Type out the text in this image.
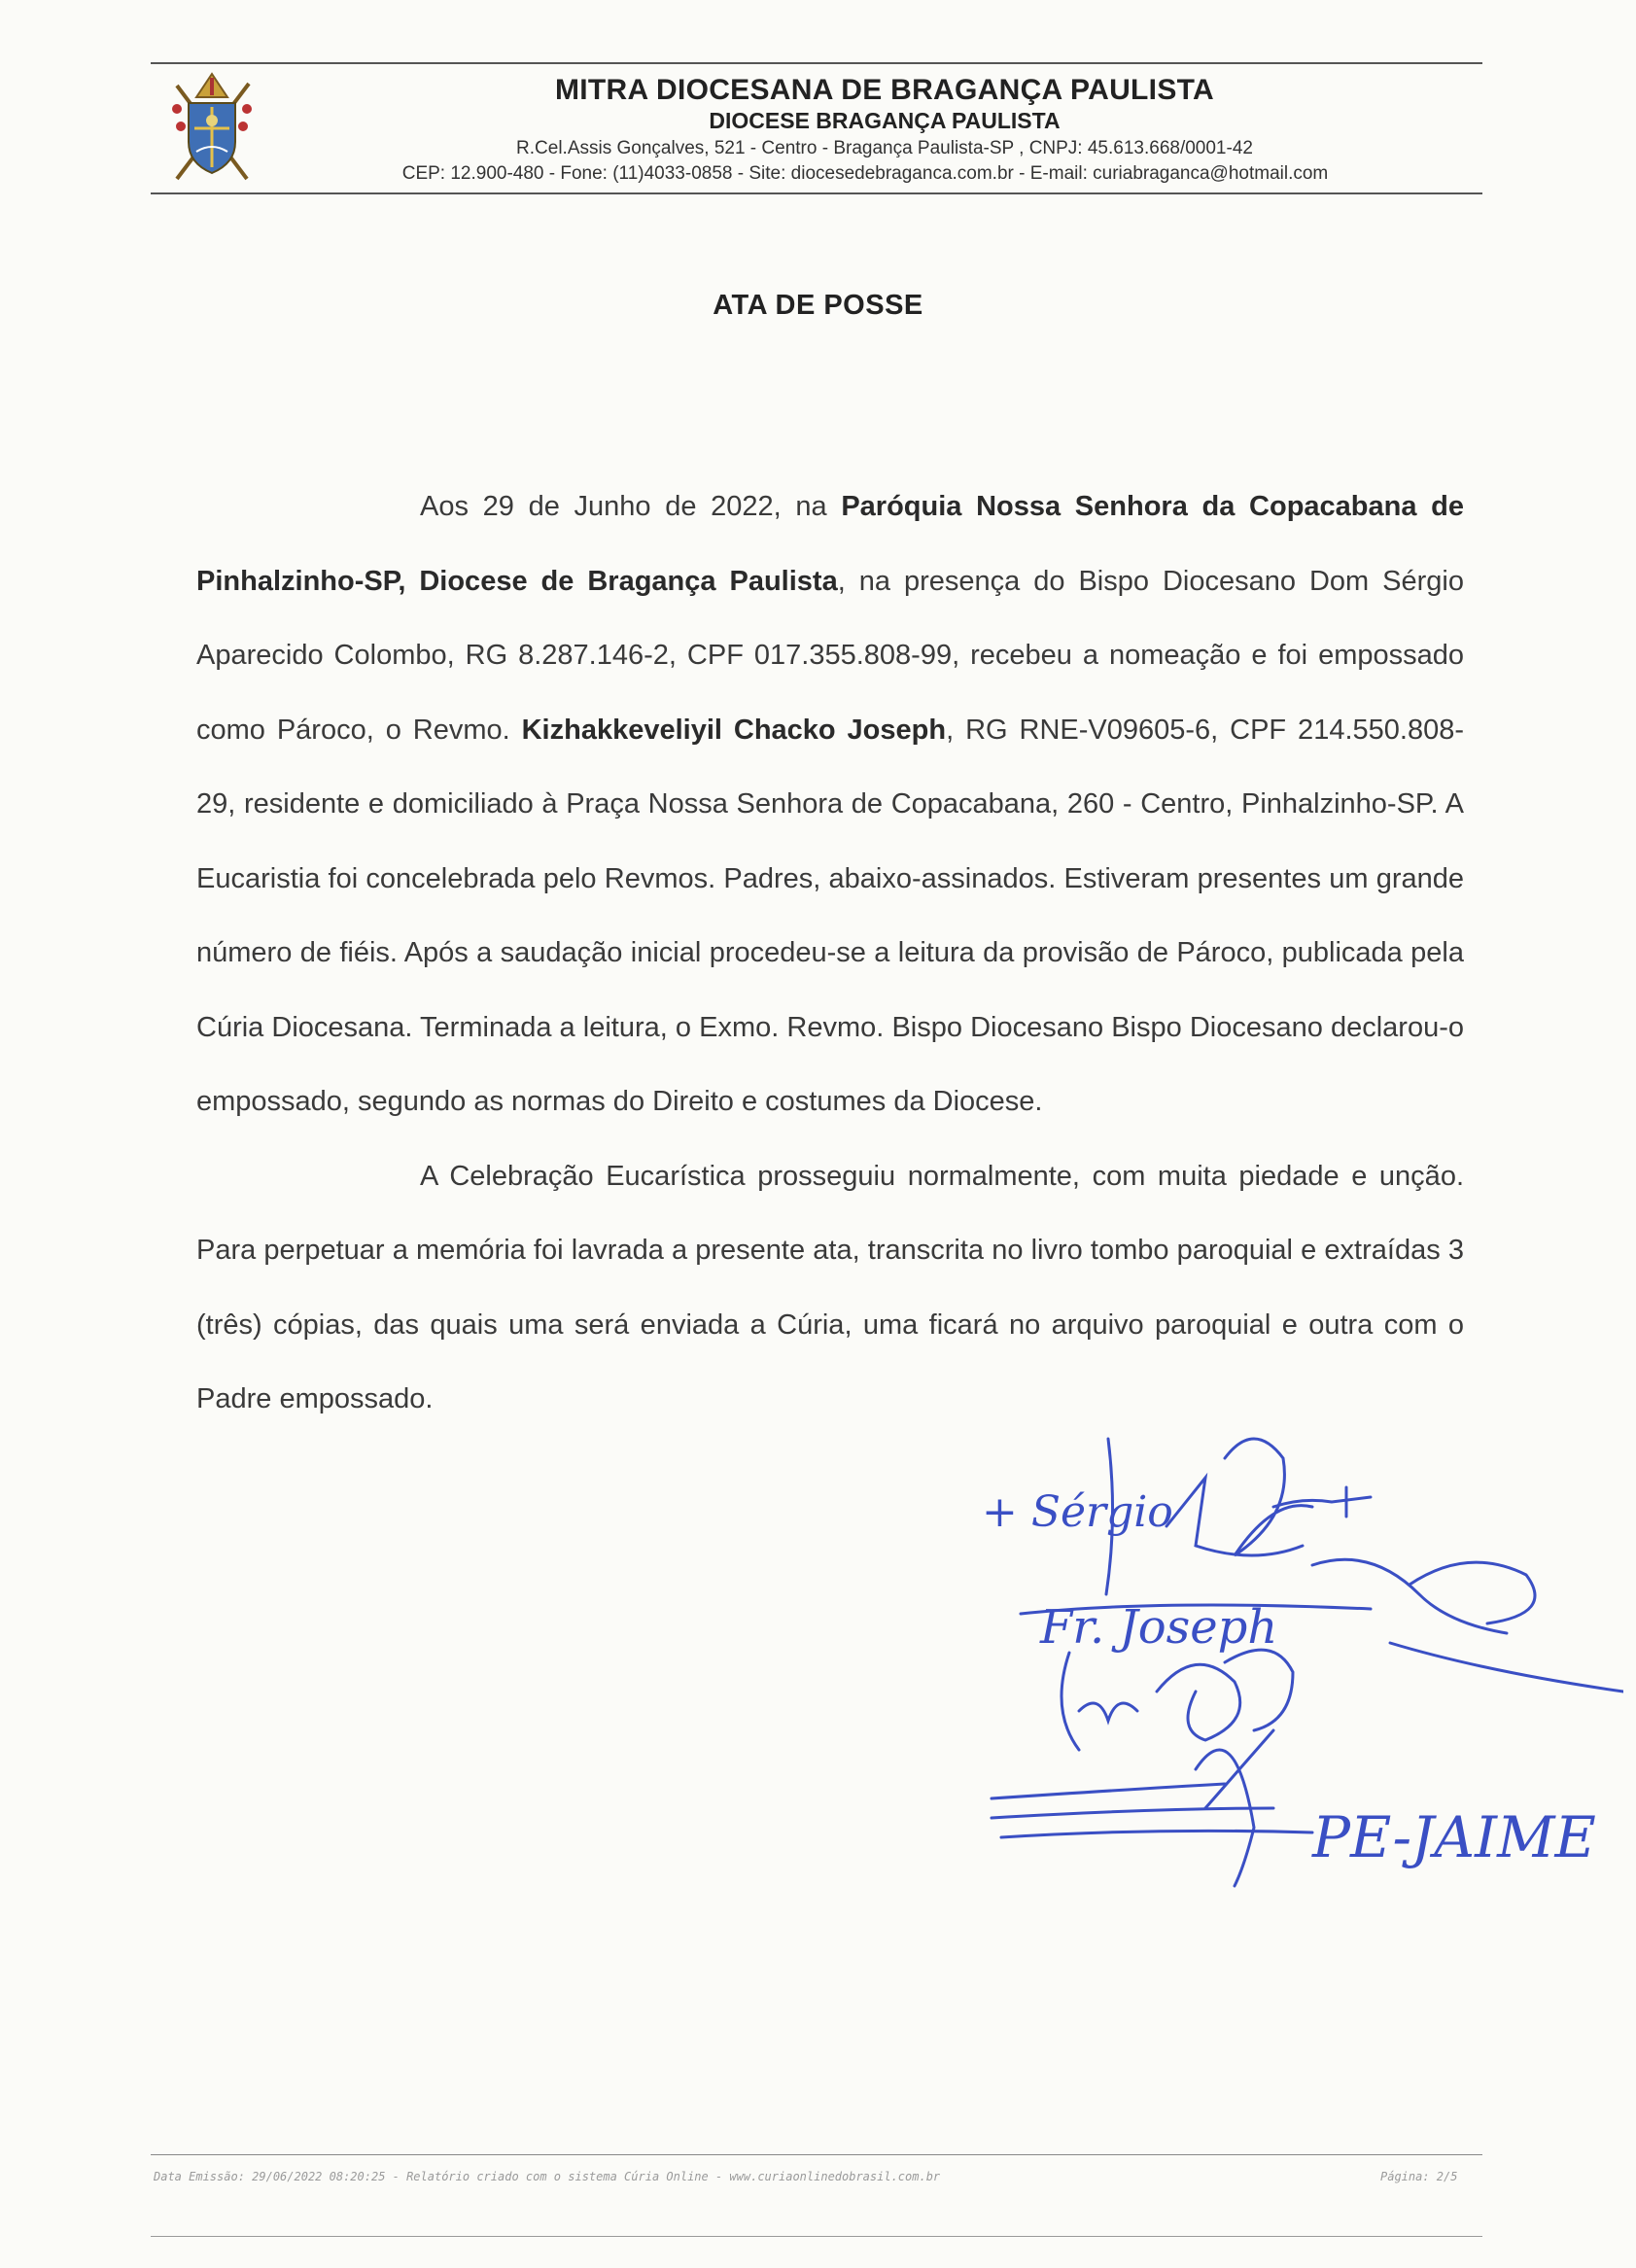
MITRA DIOCESANA DE BRAGANÇA PAULISTA
DIOCESE BRAGANÇA PAULISTA
R.Cel.Assis Gonçalves, 521 - Centro - Bragança Paulista-SP , CNPJ: 45.613.668/0001-42
CEP: 12.900-480 - Fone: (11)4033-0858 - Site: diocesedebraganca.com.br - E-mail: curiabraganca@hotmail.com
ATA DE POSSE

Aos 29 de Junho de 2022, na Paróquia Nossa Senhora da Copacabana de Pinhalzinho-SP, Diocese de Bragança Paulista, na presença do Bispo Diocesano Dom Sérgio Aparecido Colombo, RG 8.287.146-2, CPF 017.355.808-99, recebeu a nomeação e foi empossado como Pároco, o Revmo. Kizhakkeveliyil Chacko Joseph, RG RNE-V09605-6, CPF 214.550.808-29, residente e domiciliado à Praça Nossa Senhora de Copacabana, 260 - Centro, Pinhalzinho-SP. A Eucaristia foi concelebrada pelo Revmos. Padres, abaixo-assinados. Estiveram presentes um grande número de fiéis. Após a saudação inicial procedeu-se a leitura da provisão de Pároco, publicada pela Cúria Diocesana. Terminada a leitura, o Exmo. Revmo. Bispo Diocesano Bispo Diocesano declarou-o empossado, segundo as normas do Direito e costumes da Diocese.

A Celebração Eucarística prosseguiu normalmente, com muita piedade e unção. Para perpetuar a memória foi lavrada a presente ata, transcrita no livro tombo paroquial e extraídas 3 (três) cópias, das quais uma será enviada a Cúria, uma ficará no arquivo paroquial e outra com o Padre empossado.

+ Sérgio
Fr. Joseph
PE-JAIME
Data Emissão: 29/06/2022 08:20:25 - Relatório criado com o sistema Cúria Online - www.curiaonlinedobrasil.com.br	Página: 2/5
